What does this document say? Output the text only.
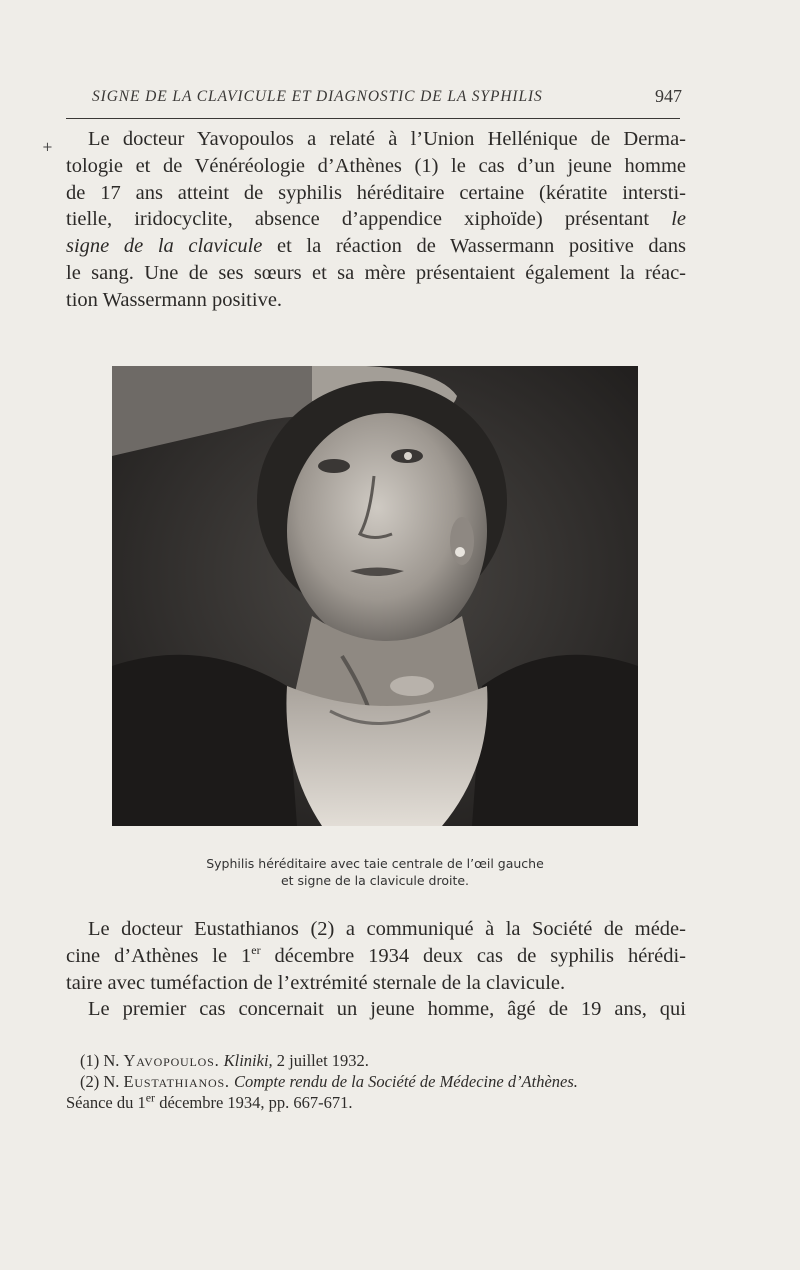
SIGNE DE LA CLAVICULE ET DIAGNOSTIC DE LA SYPHILIS	947
+	Le docteur Yavopoulos a relaté à l’Union Hellénique de Derma-
tologie et de Vénéréologie d’Athènes (1) le cas d’un jeune homme
de 17 ans atteint de syphilis héréditaire certaine (kératite intersti-
tielle, iridocyclite, absence d’appendice xiphoïde) présentant le
signe de la clavicule et la réaction de Wassermann positive dans
le sang. Une de ses sœurs et sa mère présentaient également la réac-
tion Wassermann positive.
Syphilis héréditaire avec taie centrale de l’œil gauche
et signe de la clavicule droite.
Le docteur Eustathianos (2) a communiqué à la Société de méde-
cine d’Athènes le 1er décembre 1934 deux cas de syphilis hérédi-
taire avec tuméfaction de l’extrémité sternale de la clavicule.
Le premier cas concernait un jeune homme, âgé de 19 ans, qui
(1) N. Yavopoulos. Kliniki, 2 juillet 1932.
(2) N. Eustathianos. Compte rendu de la Société de Médecine d’Athènes.
Séance du 1er décembre 1934, pp. 667-671.
